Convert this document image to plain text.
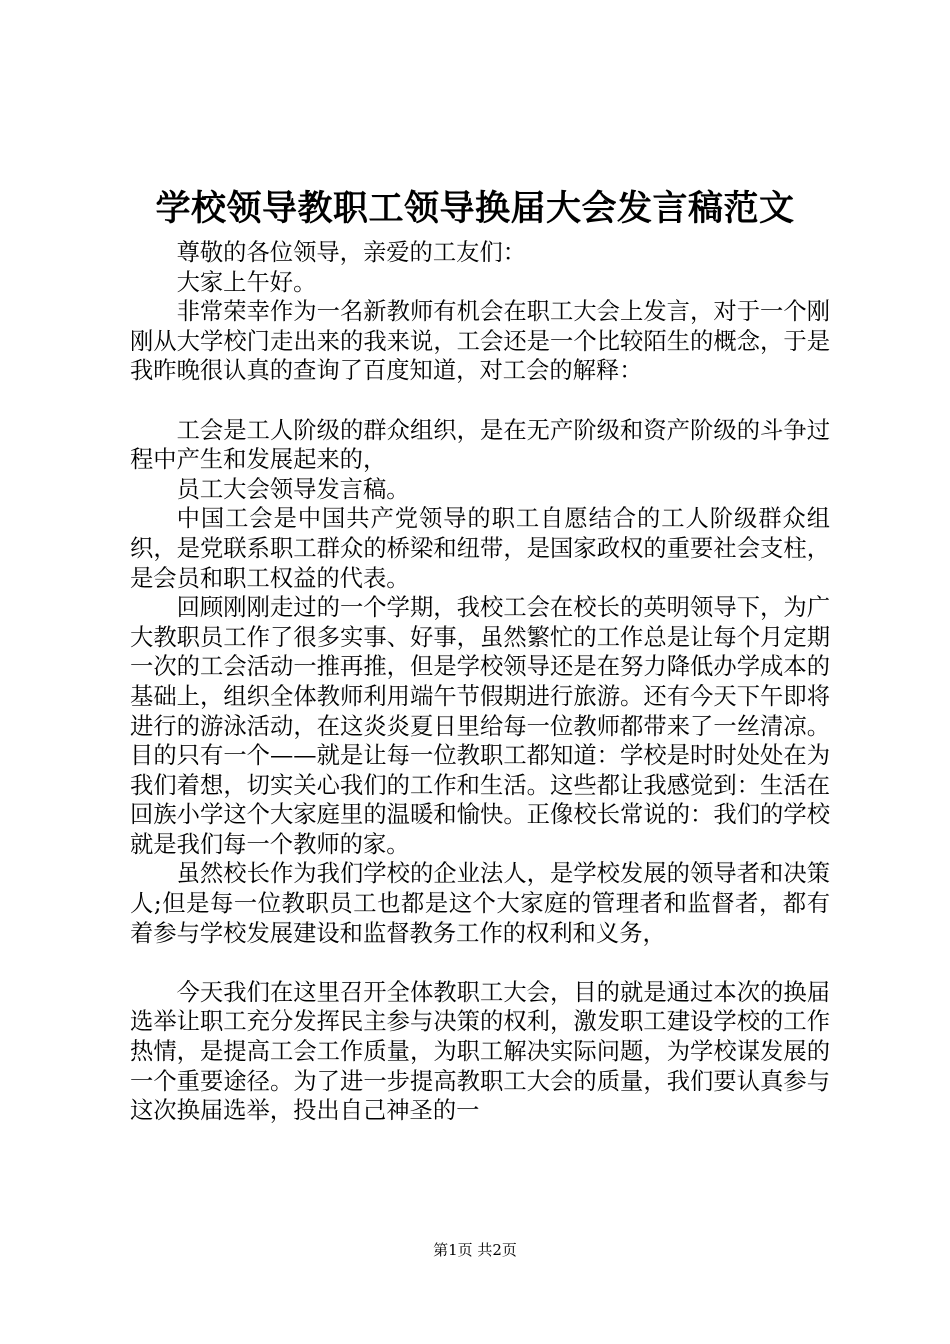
学校领导教职工领导换届大会发言稿范文

尊敬的各位领导，亲爱的工友们：

大家上午好。

非常荣幸作为一名新教师有机会在职工大会上发言，对于一个刚刚从大学校门走出来的我来说，工会还是一个比较陌生的概念，于是我昨晚很认真的查询了百度知道，对工会的解释：

工会是工人阶级的群众组织，是在无产阶级和资产阶级的斗争过程中产生和发展起来的，

员工大会领导发言稿。

中国工会是中国共产党领导的职工自愿结合的工人阶级群众组织，是党联系职工群众的桥梁和纽带，是国家政权的重要社会支柱，是会员和职工权益的代表。

回顾刚刚走过的一个学期，我校工会在校长的英明领导下，为广大教职员工作了很多实事、好事，虽然繁忙的工作总是让每个月定期一次的工会活动一推再推，但是学校领导还是在努力降低办学成本的基础上，组织全体教师利用端午节假期进行旅游。还有今天下午即将进行的游泳活动，在这炎炎夏日里给每一位教师都带来了一丝清凉。目的只有一个——就是让每一位教职工都知道：学校是时时处处在为我们着想，切实关心我们的工作和生活。这些都让我感觉到：生活在回族小学这个大家庭里的温暖和愉快。正像校长常说的：我们的学校就是我们每一个教师的家。

虽然校长作为我们学校的企业法人，是学校发展的领导者和决策人;但是每一位教职员工也都是这个大家庭的管理者和监督者，都有着参与学校发展建设和监督教务工作的权利和义务，

今天我们在这里召开全体教职工大会，目的就是通过本次的换届选举让职工充分发挥民主参与决策的权利，激发职工建设学校的工作热情，是提高工会工作质量，为职工解决实际问题，为学校谋发展的一个重要途径。为了进一步提高教职工大会的质量，我们要认真参与这次换届选举，投出自己神圣的一

第1页 共2页
